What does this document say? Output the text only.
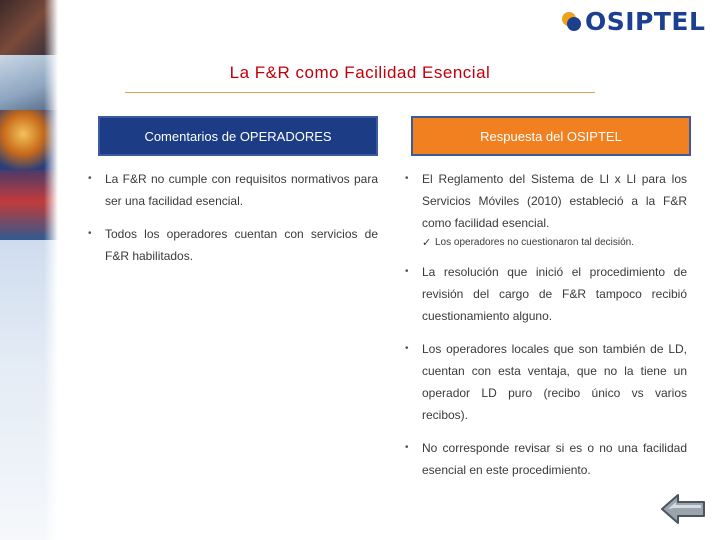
OSIPTEL
La F&R como Facilidad Esencial
Comentarios de OPERADORES	Respuesta del OSIPTEL
• La F&R no cumple con requisitos normativos para ser una facilidad esencial.
• Todos los operadores cuentan con servicios de F&R habilitados.
• El Reglamento del Sistema de Ll x Ll para los Servicios Móviles (2010) estableció a la F&R como facilidad esencial.
✓ Los operadores no cuestionaron tal decisión.
• La resolución que inició el procedimiento de revisión del cargo de F&R tampoco recibió cuestionamiento alguno.
• Los operadores locales que son también de LD, cuentan con esta ventaja, que no la tiene un operador LD puro (recibo único vs varios recibos).
• No corresponde revisar si es o no una facilidad esencial en este procedimiento.
